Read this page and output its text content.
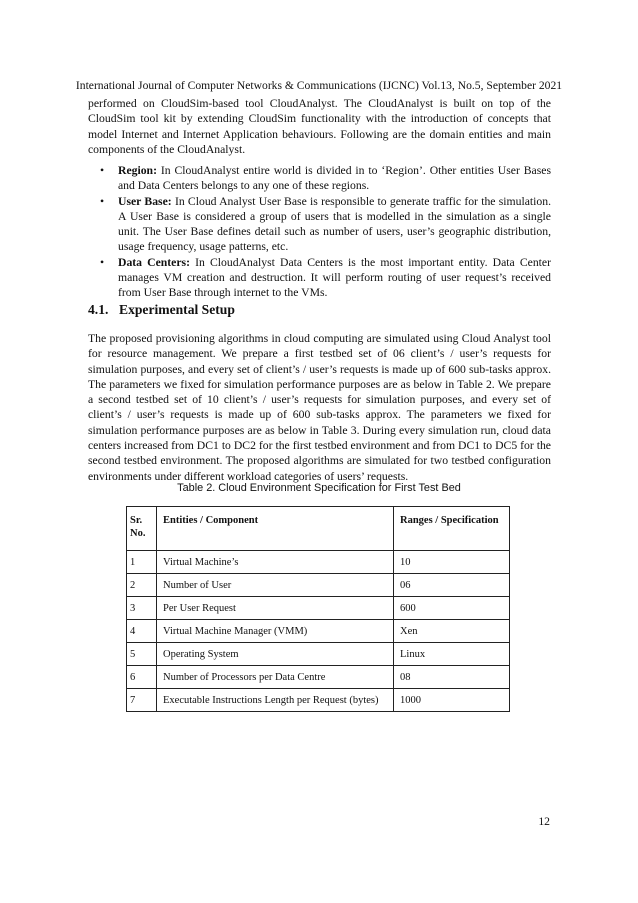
International Journal of Computer Networks & Communications (IJCNC) Vol.13, No.5, September 2021

performed on CloudSim-based tool CloudAnalyst. The CloudAnalyst is built on top of the CloudSim tool kit by extending CloudSim functionality with the introduction of concepts that model Internet and Internet Application behaviours. Following are the domain entities and main components of the CloudAnalyst.

• Region: In CloudAnalyst entire world is divided in to ‘Region’. Other entities User Bases and Data Centers belongs to any one of these regions.
• User Base: In Cloud Analyst User Base is responsible to generate traffic for the simulation. A User Base is considered a group of users that is modelled in the simulation as a single unit. The User Base defines detail such as number of users, user’s geographic distribution, usage frequency, usage patterns, etc.
• Data Centers: In CloudAnalyst Data Centers is the most important entity. Data Center manages VM creation and destruction. It will perform routing of user request’s received from User Base through internet to the VMs.
4.1. Experimental Setup

The proposed provisioning algorithms in cloud computing are simulated using Cloud Analyst tool for resource management. We prepare a first testbed set of 06 client’s / user’s requests for simulation purposes, and every set of client’s / user’s requests is made up of 600 sub-tasks approx. The parameters we fixed for simulation performance purposes are as below in Table 2. We prepare a second testbed set of 10 client’s / user’s requests for simulation purposes, and every set of client’s / user’s requests is made up of 600 sub-tasks approx. The parameters we fixed for simulation performance purposes are as below in Table 3. During every simulation run, cloud data centers increased from DC1 to DC2 for the first testbed environment and from DC1 to DC5 for the second testbed environment. The proposed algorithms are simulated for two testbed configuration environments under different workload categories of users’ requests.

Table 2. Cloud Environment Specification for First Test Bed
Sr. No.	Entities / Component	Ranges / Specification
1	Virtual Machine’s	10
2	Number of User	06
3	Per User Request	600
4	Virtual Machine Manager (VMM)	Xen
5	Operating System	Linux
6	Number of Processors per Data Centre	08
7	Executable Instructions Length per Request (bytes)	1000
12
